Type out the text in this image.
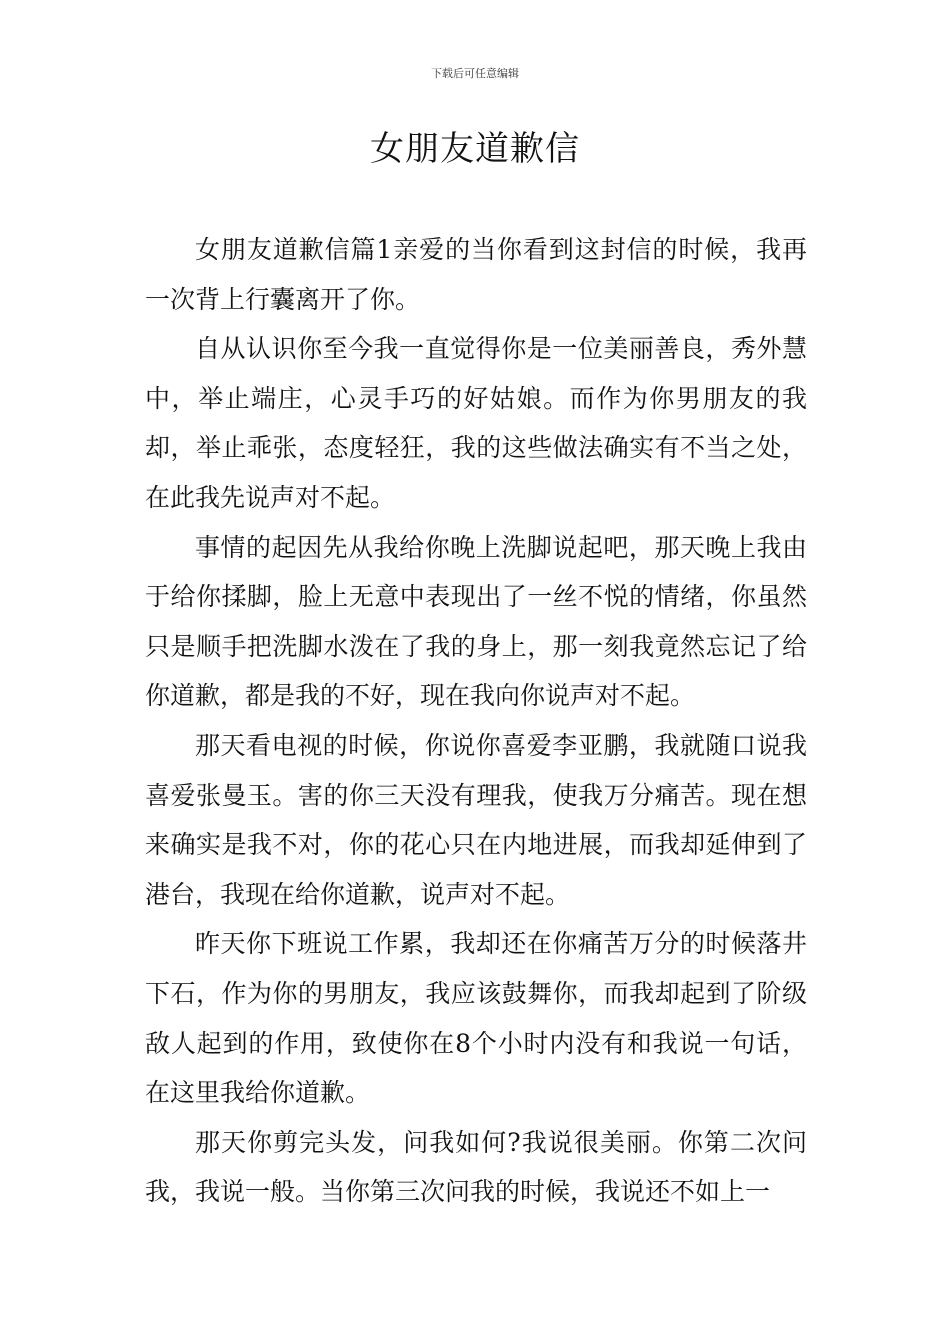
下载后可任意编辑
女朋友道歉信

女朋友道歉信篇1亲爱的当你看到这封信的时候，我再一次背上行囊离开了你。

自从认识你至今我一直觉得你是一位美丽善良，秀外慧中，举止端庄，心灵手巧的好姑娘。而作为你男朋友的我却，举止乖张，态度轻狂，我的这些做法确实有不当之处，在此我先说声对不起。

事情的起因先从我给你晚上洗脚说起吧，那天晚上我由于给你揉脚，脸上无意中表现出了一丝不悦的情绪，你虽然只是顺手把洗脚水泼在了我的身上，那一刻我竟然忘记了给你道歉，都是我的不好，现在我向你说声对不起。

那天看电视的时候，你说你喜爱李亚鹏，我就随口说我喜爱张曼玉。害的你三天没有理我，使我万分痛苦。现在想来确实是我不对，你的花心只在内地进展，而我却延伸到了港台，我现在给你道歉，说声对不起。

昨天你下班说工作累，我却还在你痛苦万分的时候落井下石，作为你的男朋友，我应该鼓舞你，而我却起到了阶级敌人起到的作用，致使你在8个小时内没有和我说一句话，在这里我给你道歉。

那天你剪完头发，问我如何?我说很美丽。你第二次问我，我说一般。当你第三次问我的时候，我说还不如上一
